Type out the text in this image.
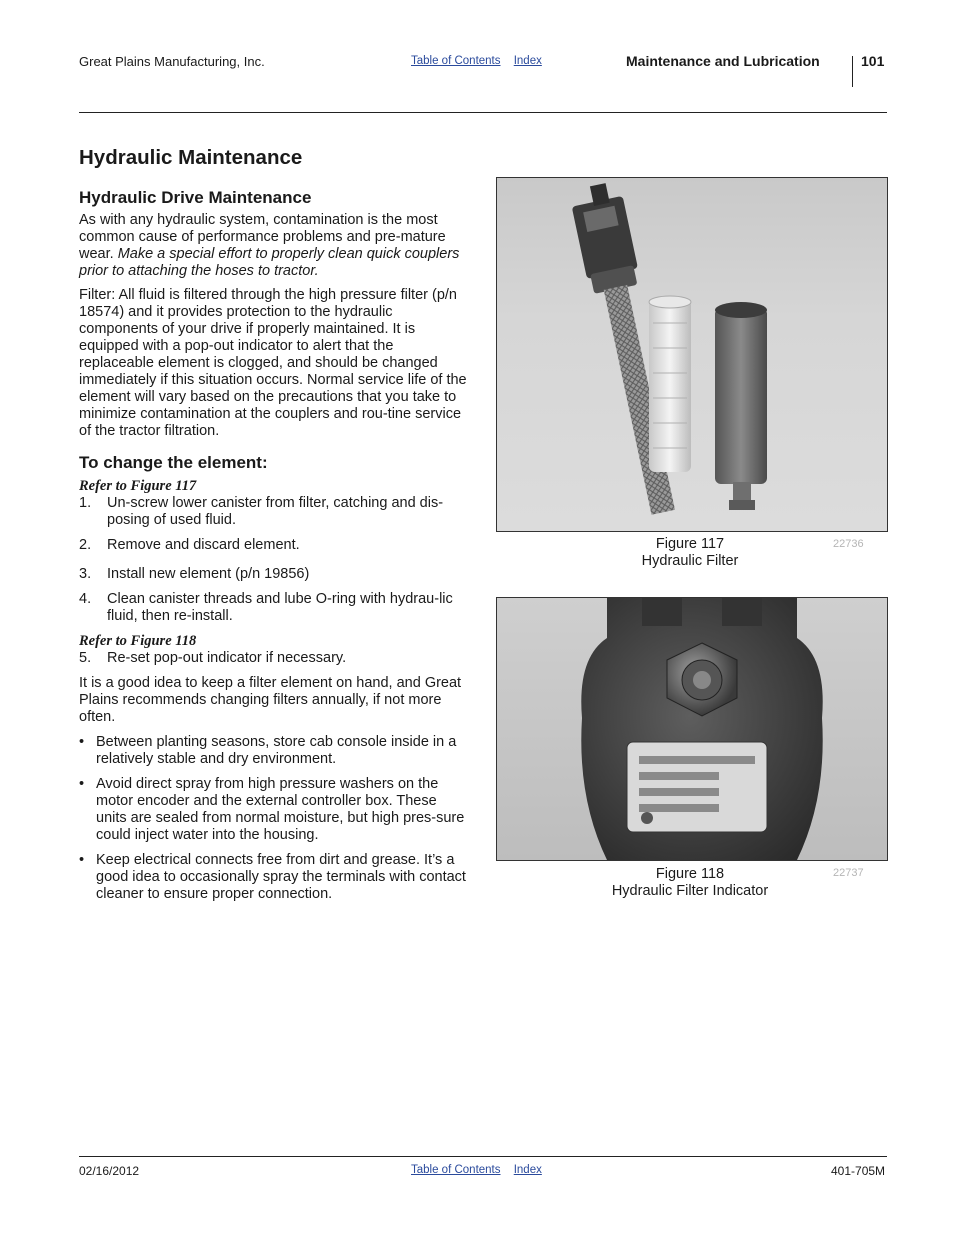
Great Plains Manufacturing, Inc.	Table of Contents Index	Maintenance and Lubrication	101
Hydraulic Maintenance
Hydraulic Drive Maintenance

As with any hydraulic system, contamination is the most common cause of performance problems and pre-mature wear. Make a special effort to properly clean quick couplers prior to attaching the hoses to tractor.

Filter: All fluid is filtered through the high pressure filter (p/n 18574) and it provides protection to the hydraulic components of your drive if properly maintained. It is equipped with a pop-out indicator to alert that the replaceable element is clogged, and should be changed immediately if this situation occurs. Normal service life of the element will vary based on the precautions that you take to minimize contamination at the couplers and rou-tine service of the tractor filtration.

To change the element:
Refer to Figure 117
1. Un-screw lower canister from filter, catching and dis-posing of used fluid.
2. Remove and discard element.
3. Install new element (p/n 19856)
4. Clean canister threads and lube O-ring with hydrau-lic fluid, then re-install.
Refer to Figure 118
5. Re-set pop-out indicator if necessary.

It is a good idea to keep a filter element on hand, and Great Plains recommends changing filters annually, if not more often.

• Between planting seasons, store cab console inside in a relatively stable and dry environment.
• Avoid direct spray from high pressure washers on the motor encoder and the external controller box. These units are sealed from normal moisture, but high pres-sure could inject water into the housing.
• Keep electrical connects free from dirt and grease. It’s a good idea to occasionally spray the terminals with contact cleaner to ensure proper connection.
Figure 117
Hydraulic Filter
22736
Figure 118
Hydraulic Filter Indicator
22737
02/16/2012	Table of Contents Index	401-705M
